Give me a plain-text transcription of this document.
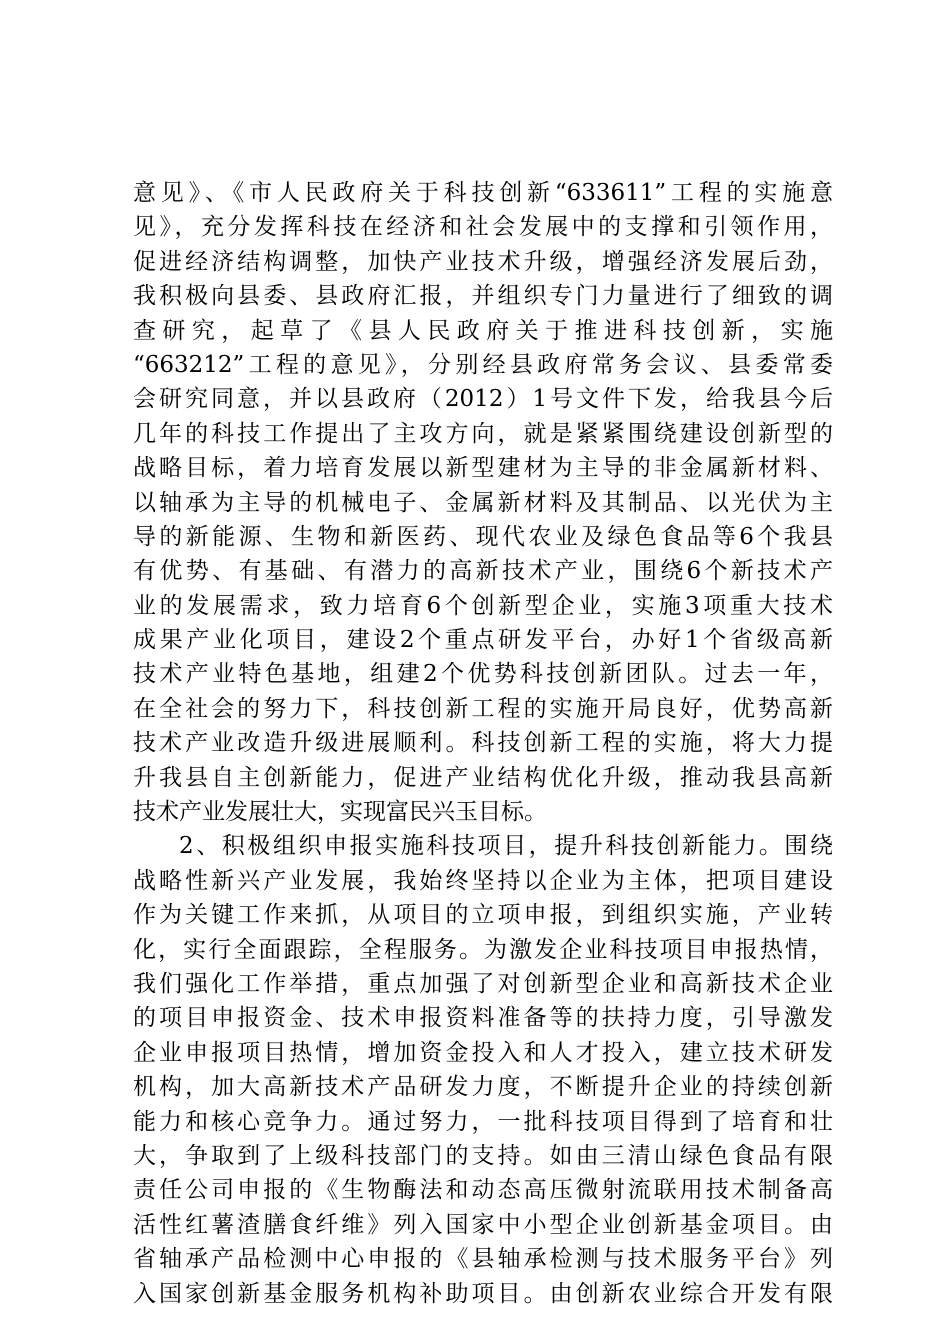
意见》、《市人民政府关于科技创新“633611”工程的实施意
见》，充分发挥科技在经济和社会发展中的支撑和引领作用，
促进经济结构调整，加快产业技术升级，增强经济发展后劲，
我积极向县委、县政府汇报，并组织专门力量进行了细致的调
查研究，起草了《县人民政府关于推进科技创新，实施
“663212”工程的意见》，分别经县政府常务会议、县委常委
会研究同意，并以县政府（2012）1号文件下发，给我县今后
几年的科技工作提出了主攻方向，就是紧紧围绕建设创新型的
战略目标，着力培育发展以新型建材为主导的非金属新材料、
以轴承为主导的机械电子、金属新材料及其制品、以光伏为主
导的新能源、生物和新医药、现代农业及绿色食品等6个我县
有优势、有基础、有潜力的高新技术产业，围绕6个新技术产
业的发展需求，致力培育6个创新型企业，实施3项重大技术
成果产业化项目，建设2个重点研发平台，办好1个省级高新
技术产业特色基地，组建2个优势科技创新团队。过去一年，
在全社会的努力下，科技创新工程的实施开局良好，优势高新
技术产业改造升级进展顺利。科技创新工程的实施，将大力提
升我县自主创新能力，促进产业结构优化升级，推动我县高新
技术产业发展壮大，实现富民兴玉目标。
2、积极组织申报实施科技项目，提升科技创新能力。围绕
战略性新兴产业发展，我始终坚持以企业为主体，把项目建设
作为关键工作来抓，从项目的立项申报，到组织实施，产业转
化，实行全面跟踪，全程服务。为激发企业科技项目申报热情，
我们强化工作举措，重点加强了对创新型企业和高新技术企业
的项目申报资金、技术申报资料准备等的扶持力度，引导激发
企业申报项目热情，增加资金投入和人才投入，建立技术研发
机构，加大高新技术产品研发力度，不断提升企业的持续创新
能力和核心竞争力。通过努力，一批科技项目得到了培育和壮
大，争取到了上级科技部门的支持。如由三清山绿色食品有限
责任公司申报的《生物酶法和动态高压微射流联用技术制备高
活性红薯渣膳食纤维》列入国家中小型企业创新基金项目。由
省轴承产品检测中心申报的《县轴承检测与技术服务平台》列
入国家创新基金服务机构补助项目。由创新农业综合开发有限
